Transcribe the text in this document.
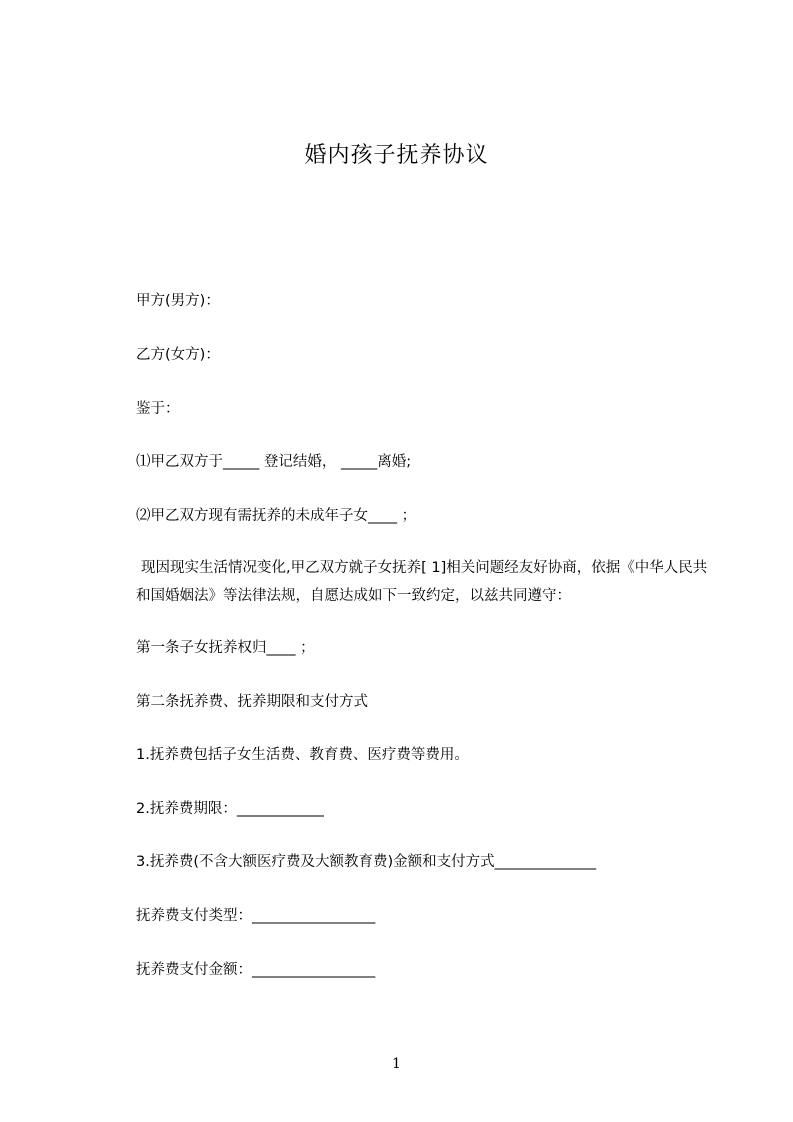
婚内孩子抚养协议
甲方(男方)：
乙方(女方)：
鉴于：
⑴甲乙双方于_____ 登记结婚， _____离婚;
⑵甲乙双方现有需抚养的未成年子女____ ；
现因现实生活情况变化,甲乙双方就子女抚养[ 1]相关问题经友好协商，依据《中华人民共和国婚姻法》等法律法规，自愿达成如下一致约定，以兹共同遵守：
第一条子女抚养权归____ ；
第二条抚养费、抚养期限和支付方式
1.抚养费包括子女生活费、教育费、医疗费等费用。
2.抚养费期限：____________
3.抚养费(不含大额医疗费及大额教育费)金额和支付方式______________
抚养费支付类型：_________________
抚养费支付金额：_________________
1
